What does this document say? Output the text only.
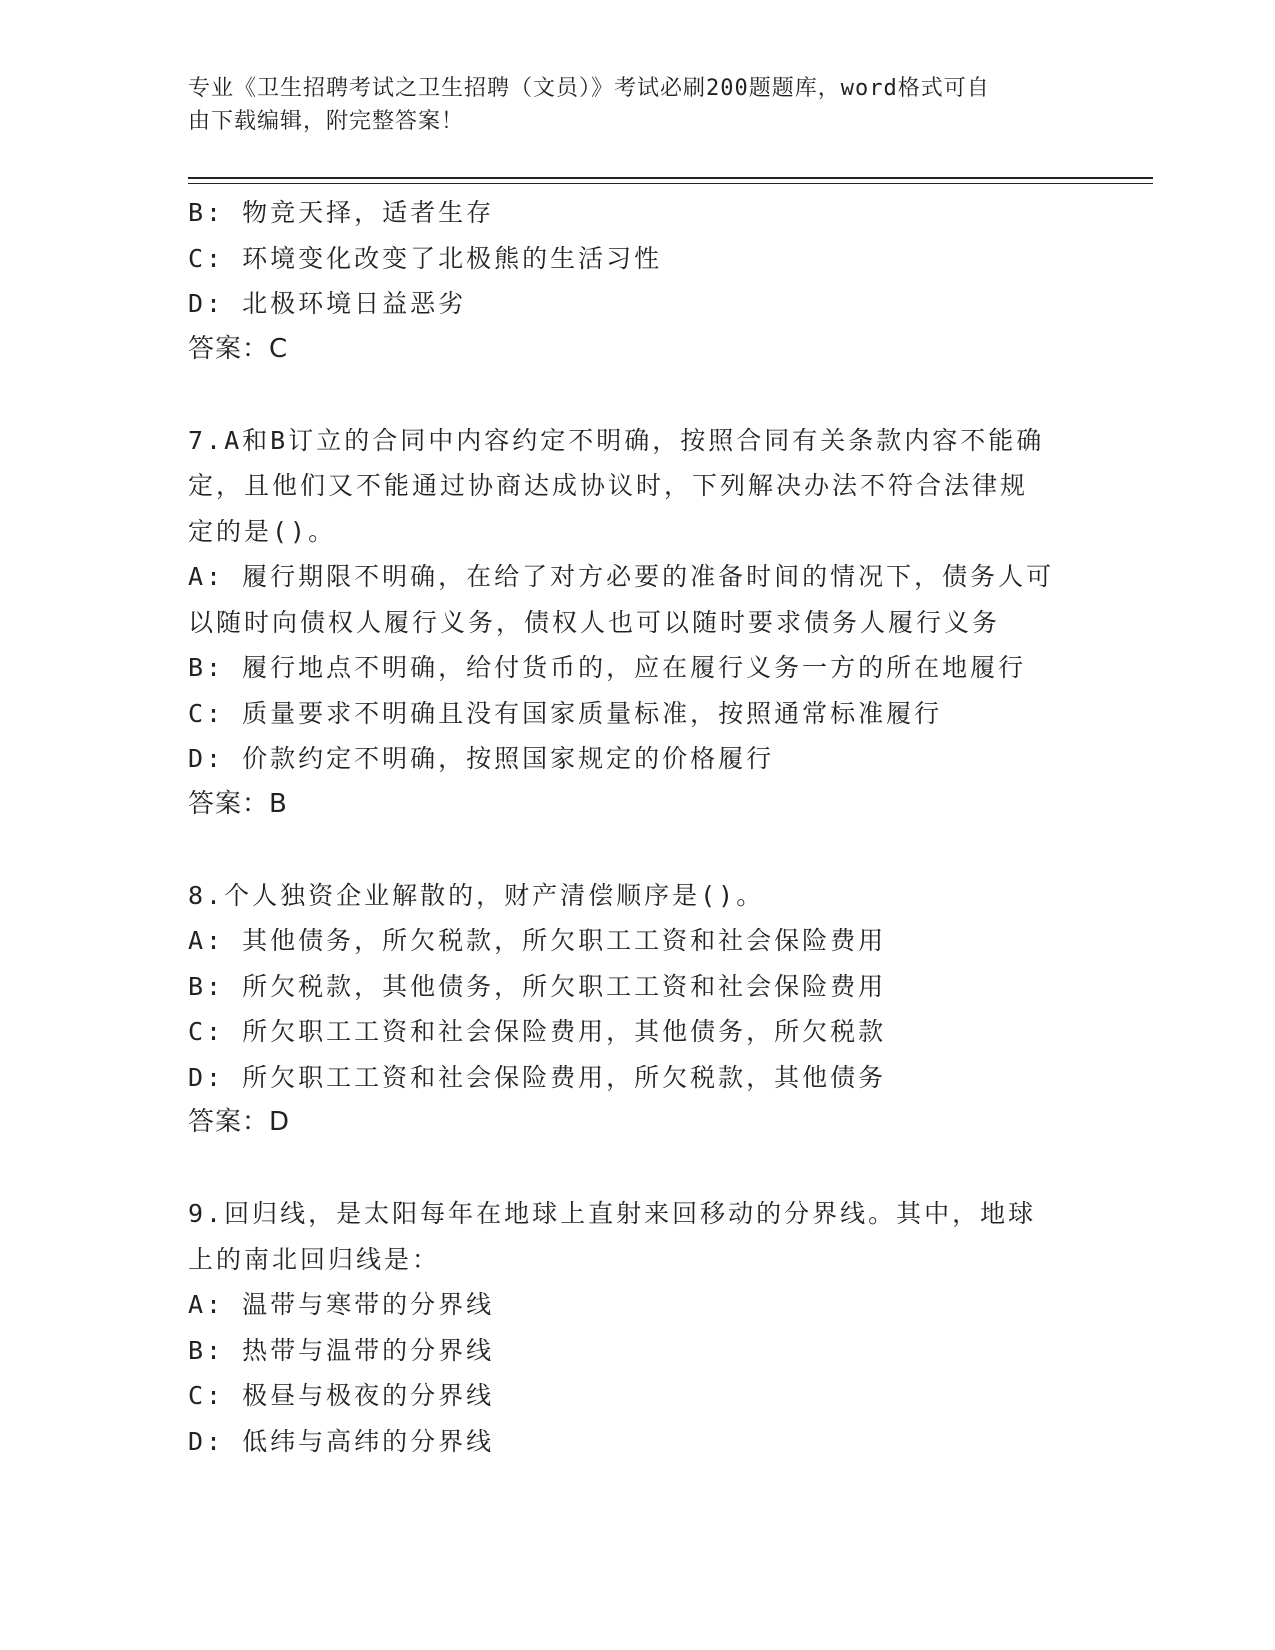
专业《卫生招聘考试之卫生招聘（文员）》考试必刷200题题库，word格式可自
由下载编辑，附完整答案！
B: 物竞天择，适者生存
C: 环境变化改变了北极熊的生活习性
D: 北极环境日益恶劣
答案：C
7.A和B订立的合同中内容约定不明确，按照合同有关条款内容不能确
定，且他们又不能通过协商达成协议时，下列解决办法不符合法律规
定的是()。
A: 履行期限不明确，在给了对方必要的准备时间的情况下，债务人可
以随时向债权人履行义务，债权人也可以随时要求债务人履行义务
B: 履行地点不明确，给付货币的，应在履行义务一方的所在地履行
C: 质量要求不明确且没有国家质量标准，按照通常标准履行
D: 价款约定不明确，按照国家规定的价格履行
答案：B
8.个人独资企业解散的，财产清偿顺序是()。
A: 其他债务，所欠税款，所欠职工工资和社会保险费用
B: 所欠税款，其他债务，所欠职工工资和社会保险费用
C: 所欠职工工资和社会保险费用，其他债务，所欠税款
D: 所欠职工工资和社会保险费用，所欠税款，其他债务
答案：D
9.回归线，是太阳每年在地球上直射来回移动的分界线。其中，地球
上的南北回归线是：
A: 温带与寒带的分界线
B: 热带与温带的分界线
C: 极昼与极夜的分界线
D: 低纬与高纬的分界线
